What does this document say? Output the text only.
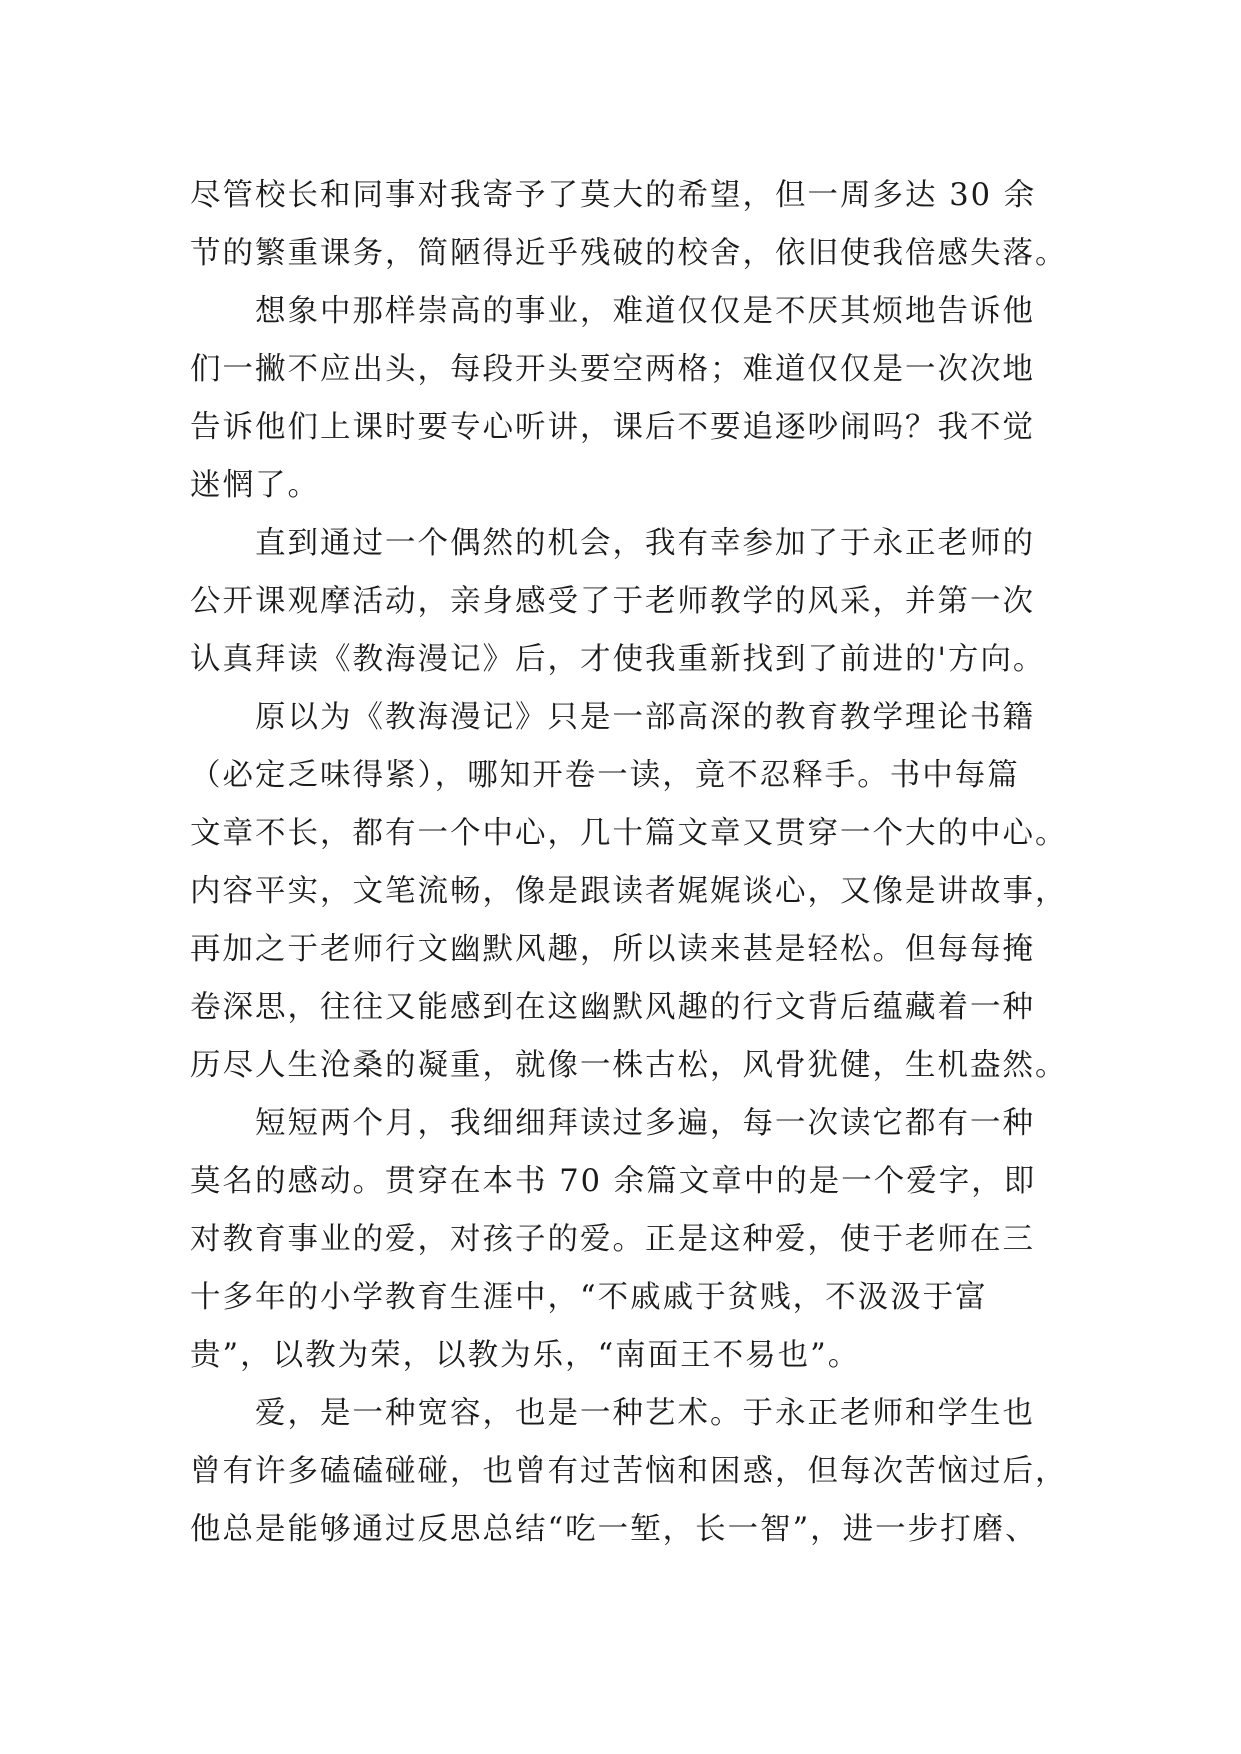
尽管校长和同事对我寄予了莫大的希望，但一周多达 30 余
节的繁重课务，简陋得近乎残破的校舍，依旧使我倍感失落。
　　想象中那样崇高的事业，难道仅仅是不厌其烦地告诉他
们一撇不应出头，每段开头要空两格；难道仅仅是一次次地
告诉他们上课时要专心听讲，课后不要追逐吵闹吗？我不觉
迷惘了。
　　直到通过一个偶然的机会，我有幸参加了于永正老师的
公开课观摩活动，亲身感受了于老师教学的风采，并第一次
认真拜读《教海漫记》后，才使我重新找到了前进的'方向。
　　原以为《教海漫记》只是一部高深的教育教学理论书籍
（必定乏味得紧），哪知开卷一读，竟不忍释手。书中每篇
文章不长，都有一个中心，几十篇文章又贯穿一个大的中心。
内容平实，文笔流畅，像是跟读者娓娓谈心，又像是讲故事，
再加之于老师行文幽默风趣，所以读来甚是轻松。但每每掩
卷深思，往往又能感到在这幽默风趣的行文背后蕴藏着一种
历尽人生沧桑的凝重，就像一株古松，风骨犹健，生机盎然。
　　短短两个月，我细细拜读过多遍，每一次读它都有一种
莫名的感动。贯穿在本书 70 余篇文章中的是一个爱字，即
对教育事业的爱，对孩子的爱。正是这种爱，使于老师在三
十多年的小学教育生涯中，“不戚戚于贫贱，不汲汲于富
贵”，以教为荣，以教为乐，“南面王不易也”。
　　爱，是一种宽容，也是一种艺术。于永正老师和学生也
曾有许多磕磕碰碰，也曾有过苦恼和困惑，但每次苦恼过后，
他总是能够通过反思总结“吃一堑，长一智”，进一步打磨、
